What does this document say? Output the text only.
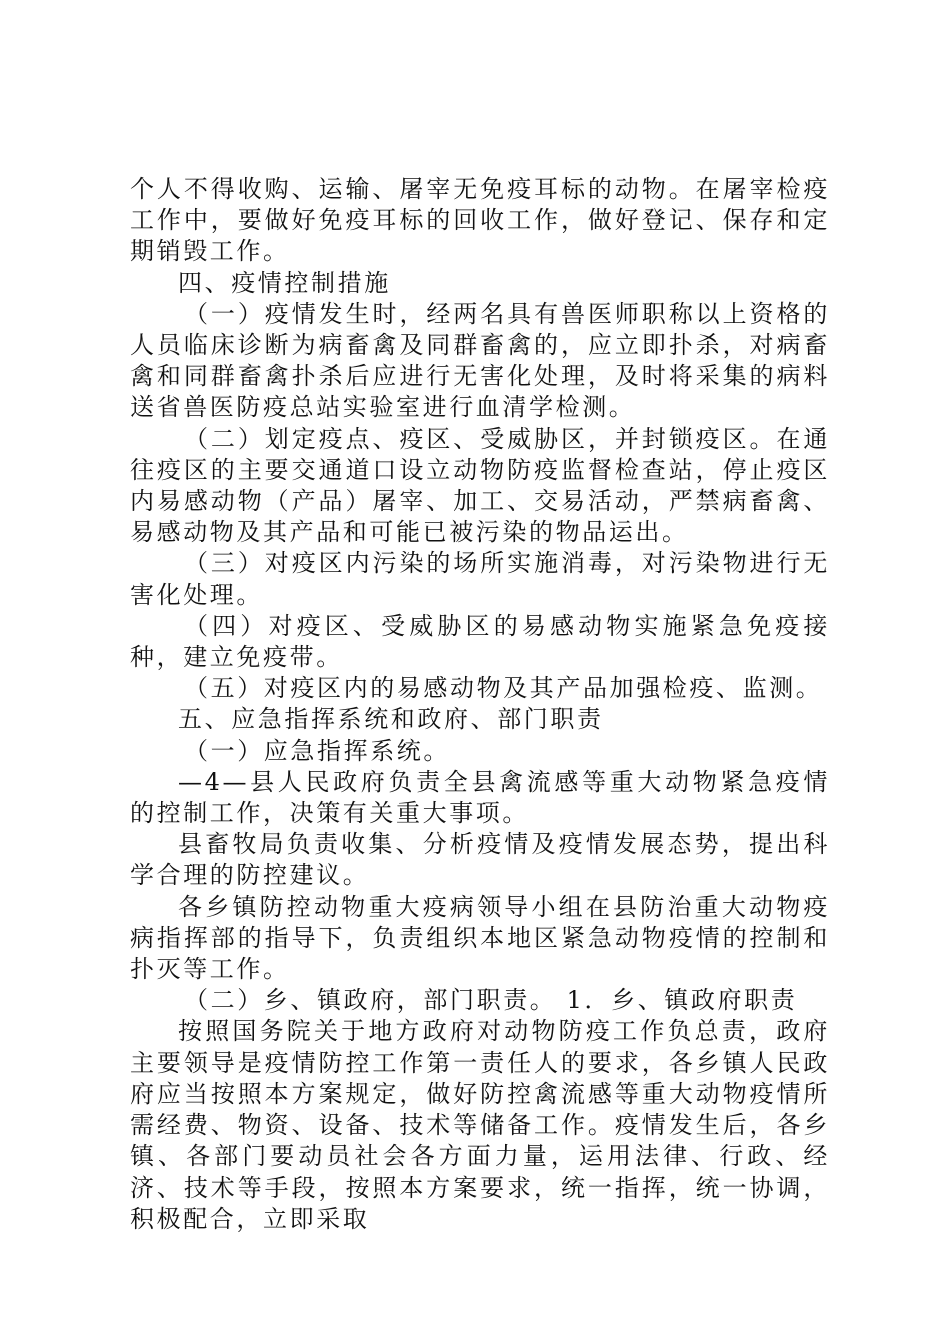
个人不得收购、运输、屠宰无免疫耳标的动物。在屠宰检疫工作中，要做好免疫耳标的回收工作，做好登记、保存和定期销毁工作。

四、疫情控制措施

（一）疫情发生时，经两名具有兽医师职称以上资格的人员临床诊断为病畜禽及同群畜禽的，应立即扑杀，对病畜禽和同群畜禽扑杀后应进行无害化处理，及时将采集的病料送省兽医防疫总站实验室进行血清学检测。

（二）划定疫点、疫区、受威胁区，并封锁疫区。在通往疫区的主要交通道口设立动物防疫监督检查站，停止疫区内易感动物（产品）屠宰、加工、交易活动，严禁病畜禽、易感动物及其产品和可能已被污染的物品运出。

（三）对疫区内污染的场所实施消毒，对污染物进行无害化处理。

（四）对疫区、受威胁区的易感动物实施紧急免疫接种，建立免疫带。

（五）对疫区内的易感动物及其产品加强检疫、监测。

五、应急指挥系统和政府、部门职责

（一）应急指挥系统。

—4—县人民政府负责全县禽流感等重大动物紧急疫情的控制工作，决策有关重大事项。

县畜牧局负责收集、分析疫情及疫情发展态势，提出科学合理的防控建议。

各乡镇防控动物重大疫病领导小组在县防治重大动物疫病指挥部的指导下，负责组织本地区紧急动物疫情的控制和扑灭等工作。

（二）乡、镇政府，部门职责。 1．乡、镇政府职责

按照国务院关于地方政府对动物防疫工作负总责，政府主要领导是疫情防控工作第一责任人的要求，各乡镇人民政府应当按照本方案规定，做好防控禽流感等重大动物疫情所需经费、物资、设备、技术等储备工作。疫情发生后，各乡镇、各部门要动员社会各方面力量，运用法律、行政、经济、技术等手段，按照本方案要求，统一指挥，统一协调，积极配合，立即采取
